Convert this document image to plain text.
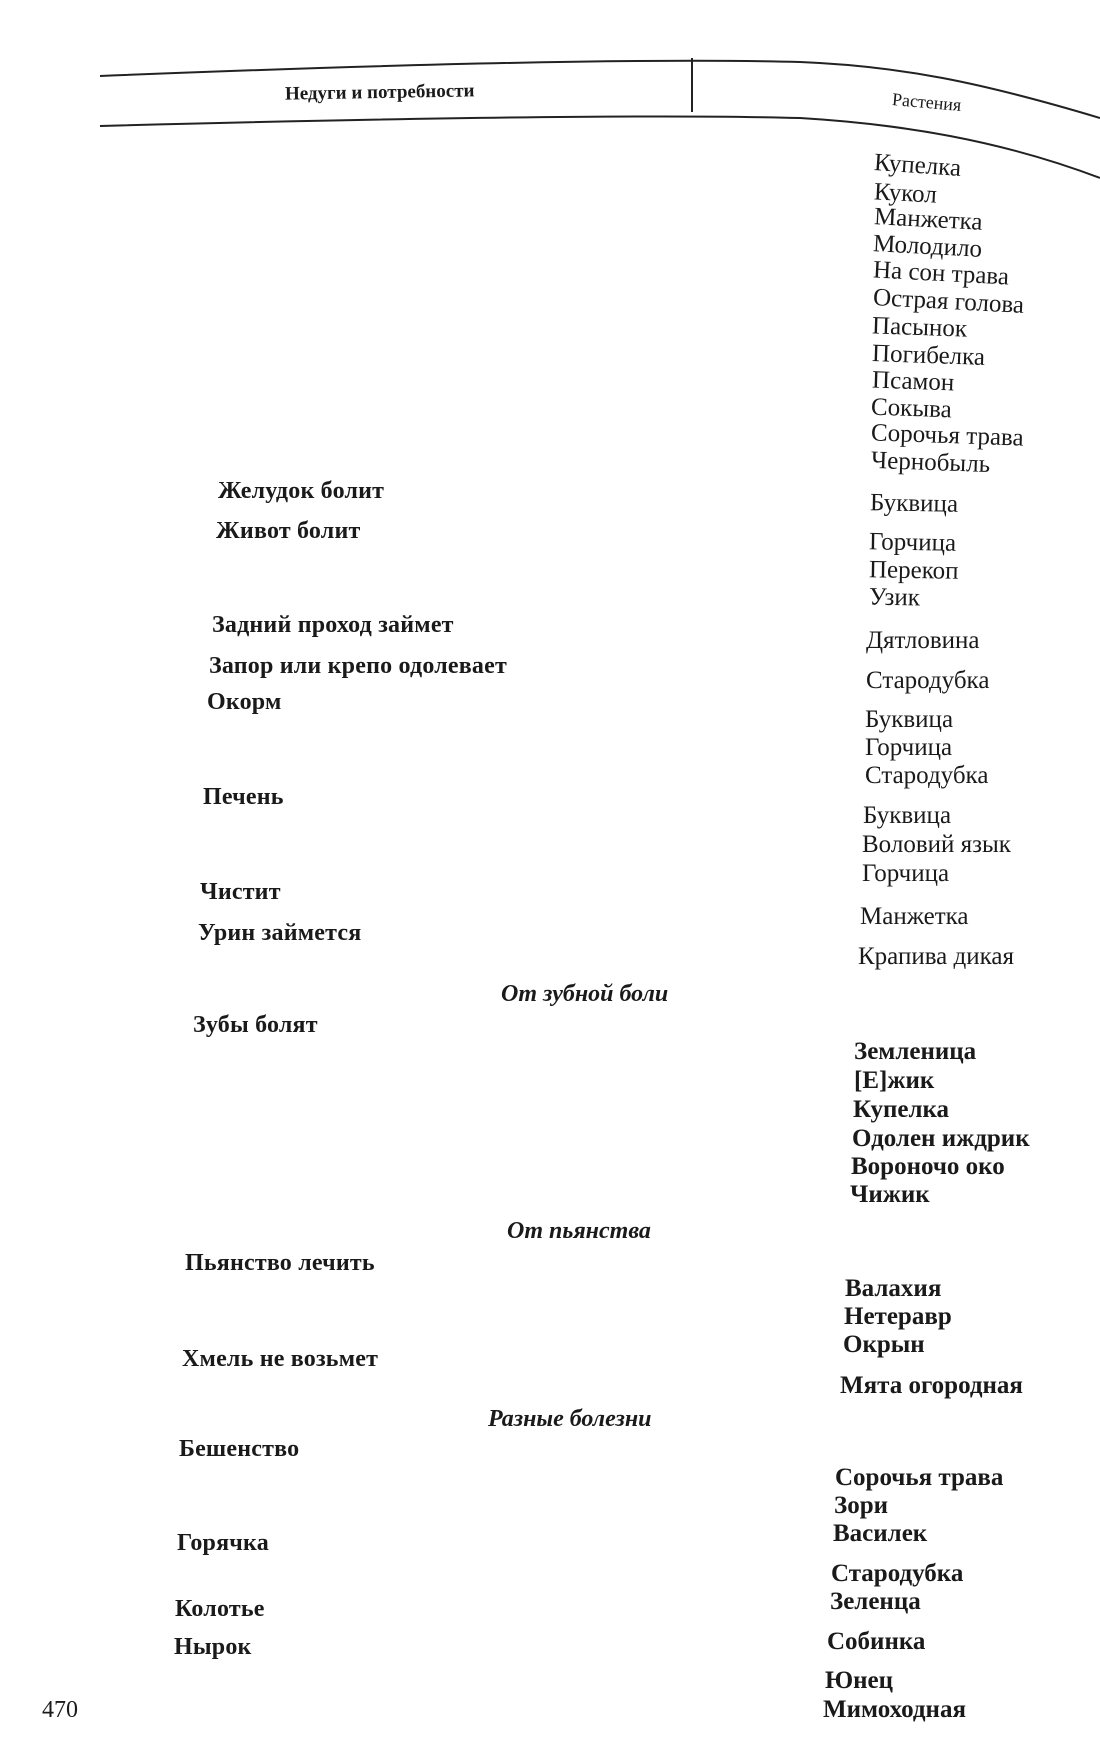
Недуги и потребности	Растения
Желудок болит
Живот болит
Задний проход займет
Запор или крепо одолевает
Окорм
Печень
Чистит
Урин займется
Зубы болят
Пьянство лечить
Хмель не возьмет
Бешенство
Горячка
Колотье
Нырок
От зубной боли
От пьянства
Разные болезни
Купелка
Кукол
Манжетка
Молодило
На сон трава
Острая голова
Пасынок
Погибелка
Псамон
Сокыва
Сорочья трава
Чернобыль
Буквица
Горчица
Перекоп
Узик
Дятловина
Стародубка
Буквица
Горчица
Стародубка
Буквица
Воловий язык
Горчица
Манжетка
Крапива дикая
Земленица
[Е]жик
Купелка
Одолен иждрик
Вороночо око
Чижик
Валахия
Нетеравр
Окрын
Мята огородная
Сорочья трава
Зори
Василек
Стародубка
Зеленца
Собинка
Юнец
Мимоходная
470
